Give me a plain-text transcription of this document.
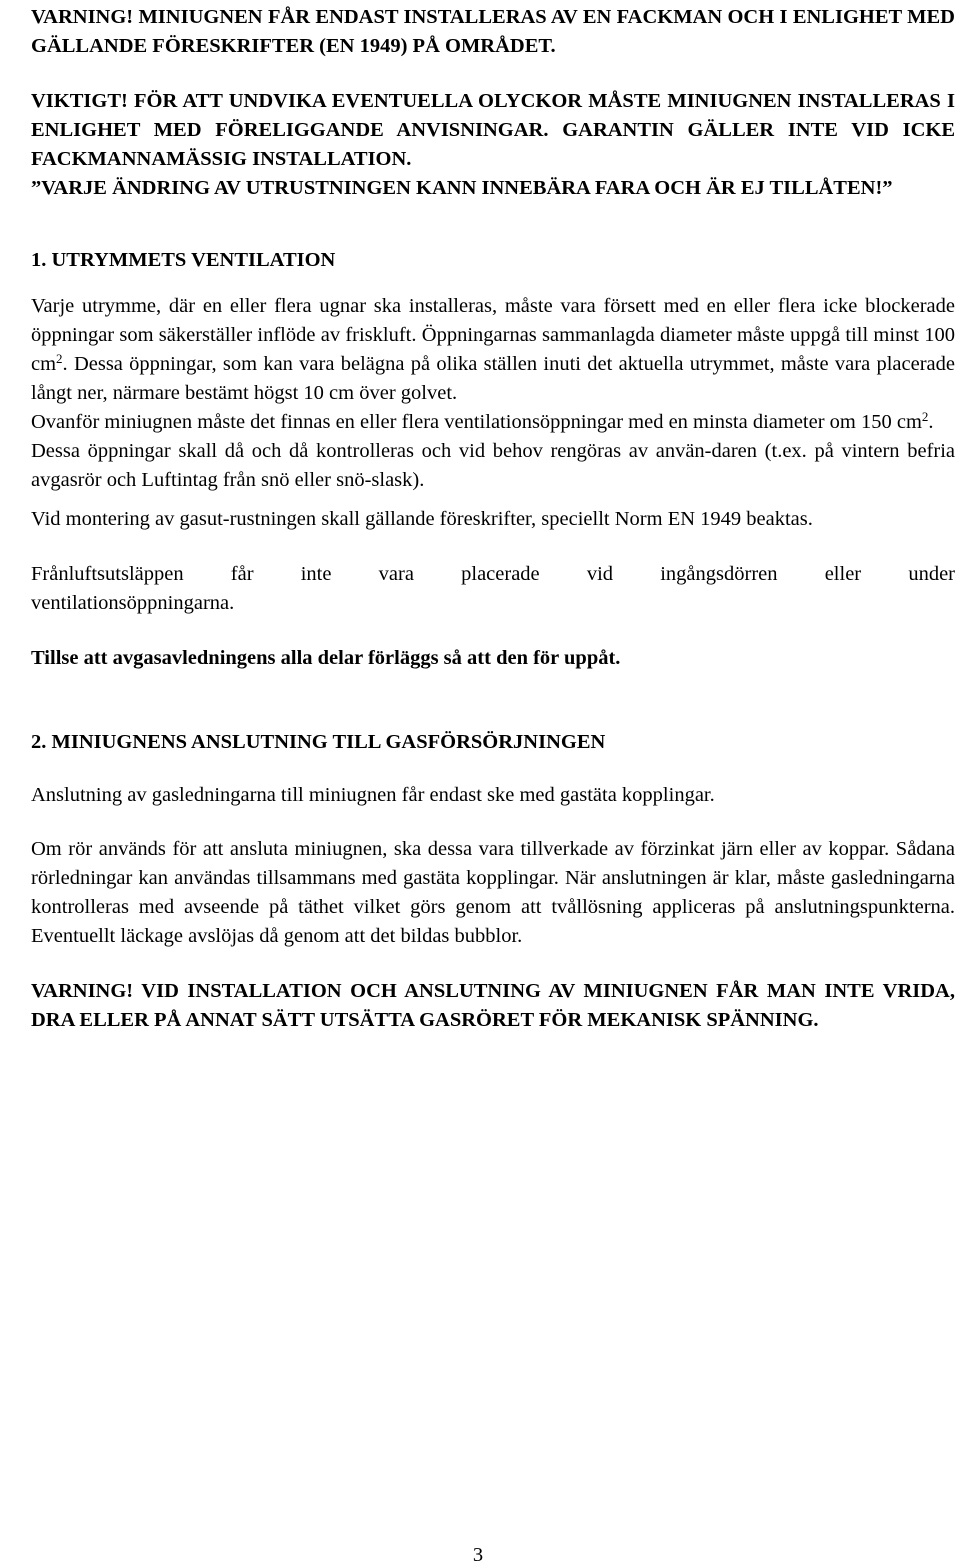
VARNING! MINIUGNEN FÅR ENDAST INSTALLERAS AV EN FACKMAN OCH I ENLIGHET MED GÄLLANDE FÖRESKRIFTER (EN 1949) PÅ OMRÅDET.

VIKTIGT! FÖR ATT UNDVIKA EVENTUELLA OLYCKOR MÅSTE MINIUGNEN INSTALLERAS I ENLIGHET MED FÖRELIGGANDE ANVISNINGAR. GARANTIN GÄLLER INTE VID ICKE FACKMANNAMÄSSIG INSTALLATION.

”VARJE ÄNDRING AV UTRUSTNINGEN KANN INNEBÄRA FARA OCH ÄR EJ TILLÅTEN!”

1. UTRYMMETS VENTILATION

Varje utrymme, där en eller flera ugnar ska installeras, måste vara försett med en eller flera icke blockerade öppningar som säkerställer inflöde av friskluft. Öppningarnas sammanlagda diameter måste uppgå till minst 100 $cm^2$. Dessa öppningar, som kan vara belägna på olika ställen inuti det aktuella utrymmet, måste vara placerade långt ner, närmare bestämt högst 10 cm över golvet.

Ovanför miniugnen måste det finnas en eller flera ventilationsöppningar med en minsta diameter om 150 $cm^2$.

Dessa öppningar skall då och då kontrolleras och vid behov rengöras av använ-daren (t.ex. på vintern befria avgasrör och Luftintag från snö eller snö-slask).

Vid montering av gasut-rustningen skall gällande föreskrifter, speciellt Norm EN 1949 beaktas.

Frånluftsutsläppen får inte vara placerade vid ingångsdörren eller under

ventilationsöppningarna.

Tillse att avgasavledningens alla delar förläggs så att den för uppåt.

2. MINIUGNENS ANSLUTNING TILL GASFÖRSÖRJNINGEN

Anslutning av gasledningarna till miniugnen får endast ske med gastäta kopplingar.

Om rör används för att ansluta miniugnen, ska dessa vara tillverkade av förzinkat järn eller av koppar. Sådana rörledningar kan användas tillsammans med gastäta kopplingar. När anslutningen är klar, måste gasledningarna kontrolleras med avseende på täthet vilket görs genom att tvållösning appliceras på anslutningspunkterna. Eventuellt läckage avslöjas då genom att det bildas bubblor.

VARNING! VID INSTALLATION OCH ANSLUTNING AV MINIUGNEN FÅR MAN INTE VRIDA, DRA ELLER PÅ ANNAT SÄTT UTSÄTTA GASRÖRET FÖR MEKANISK SPÄNNING.

3
